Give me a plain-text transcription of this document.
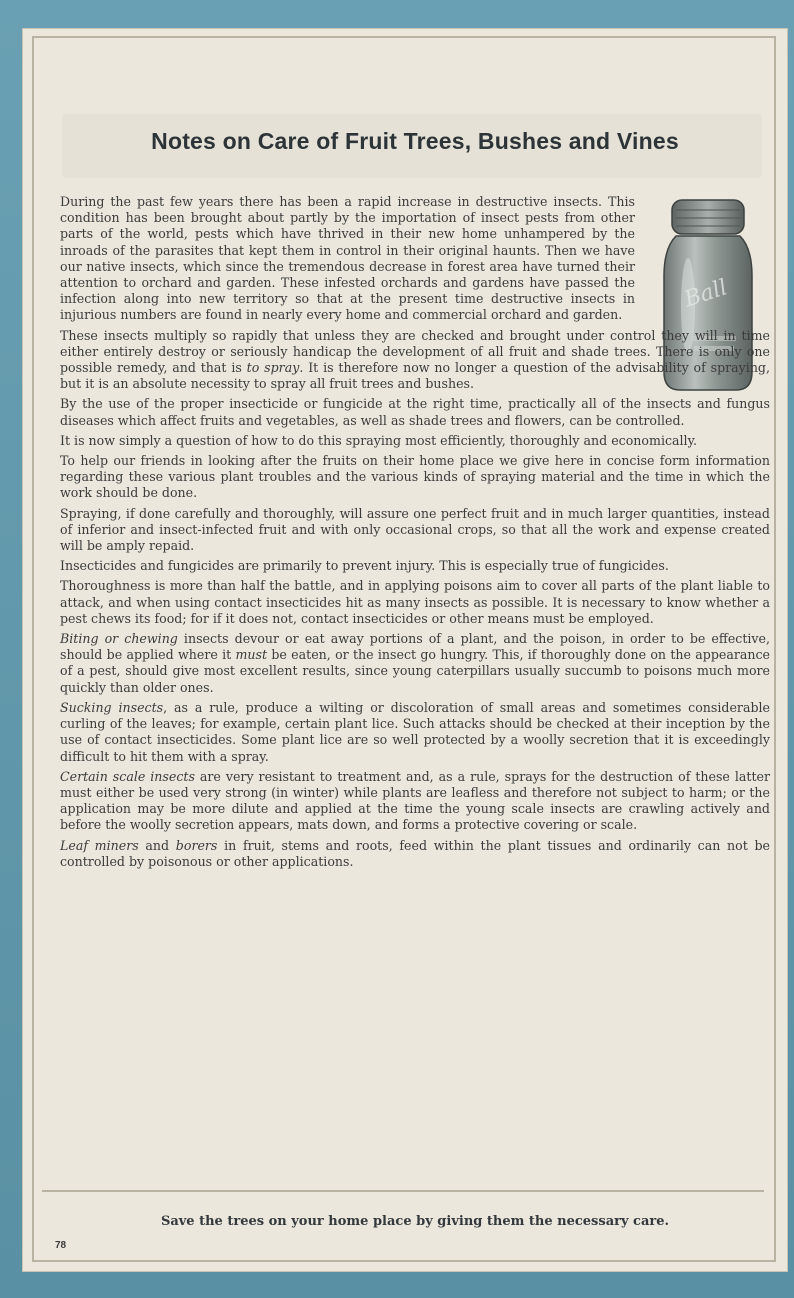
Notes on Care of Fruit Trees, Bushes and Vines
Ball

During the past few years there has been a rapid increase in destructive insects. This condition has been brought about partly by the importation of insect pests from other parts of the world, pests which have thrived in their new home unhampered by the inroads of the parasites that kept them in control in their original haunts. Then we have our native insects, which since the tremendous decrease in forest area have turned their attention to orchard and garden. These infested orchards and gardens have passed the infection along into new territory so that at the present time destructive insects in injurious numbers are found in nearly every home and commercial orchard and garden.

These insects multiply so rapidly that unless they are checked and brought under control they will in time either entirely destroy or seriously handicap the development of all fruit and shade trees. There is only one possible remedy, and that is to spray. It is therefore now no longer a question of the advisability of spraying, but it is an absolute necessity to spray all fruit trees and bushes.

By the use of the proper insecticide or fungicide at the right time, practically all of the insects and fungus diseases which affect fruits and vegetables, as well as shade trees and flowers, can be controlled.

It is now simply a question of how to do this spraying most efficiently, thoroughly and economically.

To help our friends in looking after the fruits on their home place we give here in concise form information regarding these various plant troubles and the various kinds of spraying material and the time in which the work should be done.

Spraying, if done carefully and thoroughly, will assure one perfect fruit and in much larger quantities, instead of inferior and insect-infected fruit and with only occasional crops, so that all the work and expense created will be amply repaid.

Insecticides and fungicides are primarily to prevent injury. This is especially true of fungicides.

Thoroughness is more than half the battle, and in applying poisons aim to cover all parts of the plant liable to attack, and when using contact insecticides hit as many insects as possible. It is necessary to know whether a pest chews its food; for if it does not, contact insecticides or other means must be employed.

Biting or chewing insects devour or eat away portions of a plant, and the poison, in order to be effective, should be applied where it must be eaten, or the insect go hungry. This, if thoroughly done on the appearance of a pest, should give most excellent results, since young caterpillars usually succumb to poisons much more quickly than older ones.

Sucking insects, as a rule, produce a wilting or discoloration of small areas and sometimes considerable curling of the leaves; for example, certain plant lice. Such attacks should be checked at their inception by the use of contact insecticides. Some plant lice are so well protected by a woolly secretion that it is exceedingly difficult to hit them with a spray.

Certain scale insects are very resistant to treatment and, as a rule, sprays for the destruction of these latter must either be used very strong (in winter) while plants are leafless and therefore not subject to harm; or the application may be more dilute and applied at the time the young scale insects are crawling actively and before the woolly secretion appears, mats down, and forms a protective covering or scale.

Leaf miners and borers in fruit, stems and roots, feed within the plant tissues and ordinarily can not be controlled by poisonous or other applications.

Save the trees on your home place by giving them the necessary care.
78
